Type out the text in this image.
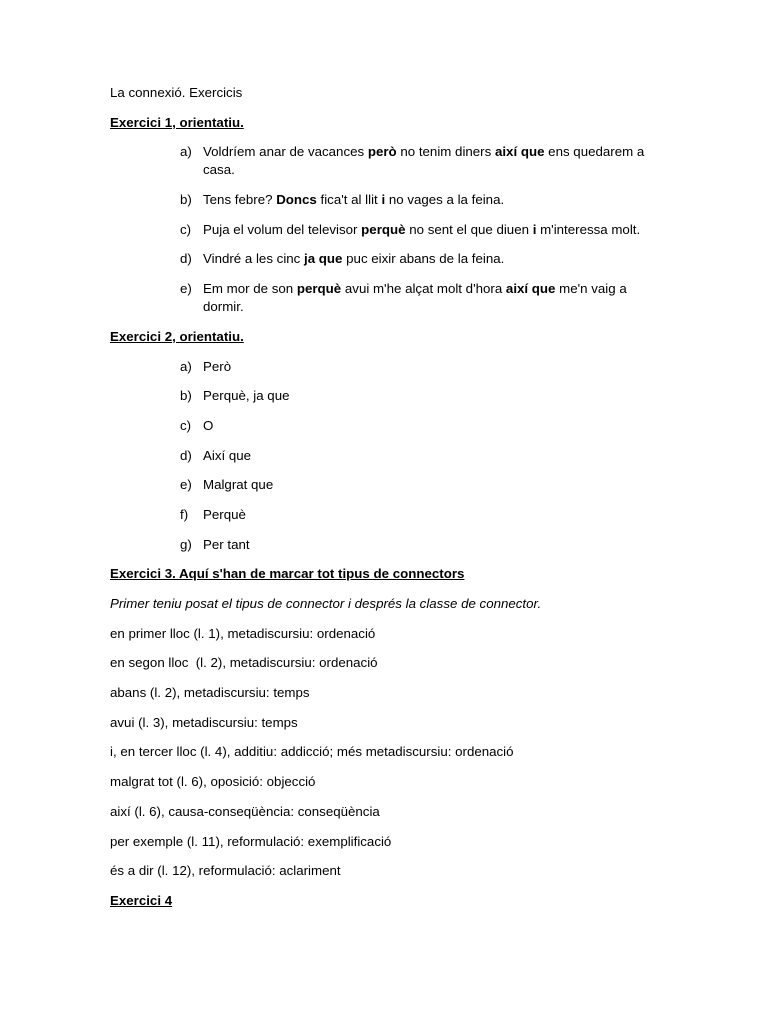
La connexió. Exercicis

Exercici 1, orientatiu.

a) Voldríem anar de vacances però no tenim diners així que ens quedarem a casa.
b) Tens febre? Doncs fica't al llit i no vages a la feina.
c) Puja el volum del televisor perquè no sent el que diuen i m'interessa molt.
d) Vindré a les cinc ja que puc eixir abans de la feina.
e) Em mor de son perquè avui m'he alçat molt d'hora així que me'n vaig a dormir.

Exercici 2, orientatiu.

a) Però
b) Perquè, ja que
c) O
d) Així que
e) Malgrat que
f) Perquè
g) Per tant

Exercici 3. Aquí s'han de marcar tot tipus de connectors

Primer teniu posat el tipus de connector i després la classe de connector.

en primer lloc (l. 1), metadiscursiu: ordenació

en segon lloc  (l. 2), metadiscursiu: ordenació

abans (l. 2), metadiscursiu: temps

avui (l. 3), metadiscursiu: temps

i, en tercer lloc (l. 4), additiu: addicció; més metadiscursiu: ordenació

malgrat tot (l. 6), oposició: objecció

així (l. 6), causa-conseqüència: conseqüència

per exemple (l. 11), reformulació: exemplificació

és a dir (l. 12), reformulació: aclariment

Exercici 4
